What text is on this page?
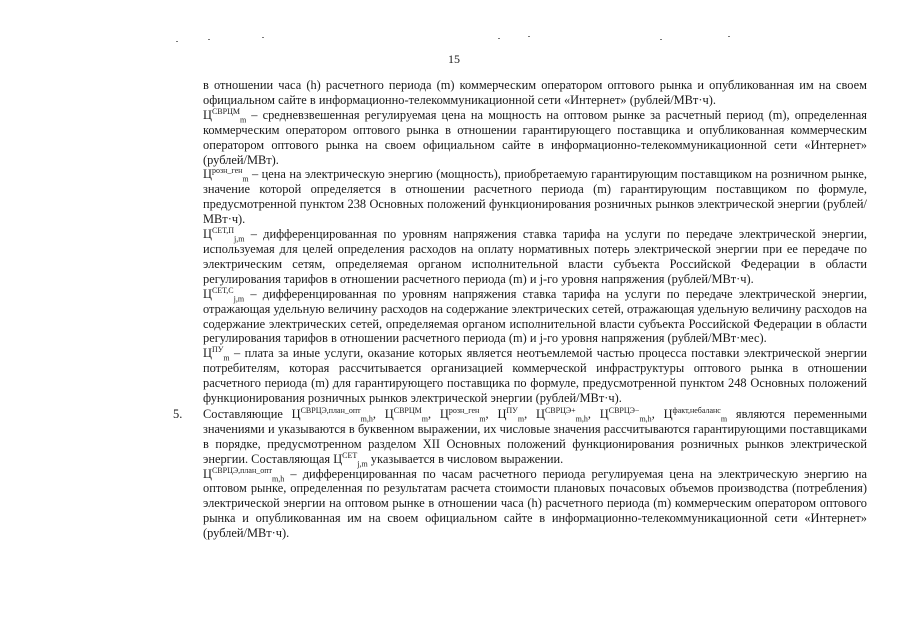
15

в отношении часа (h) расчетного периода (m) коммерческим оператором оптового рынка и опубликованная им на своем официальном сайте в информационно-телекоммуникационной сети «Интернет» (рублей/МВт·ч).

$Ц^{СВРЦМ}_m$ – средневзвешенная регулируемая цена на мощность на оптовом рынке за расчетный период (m), определенная коммерческим оператором оптового рынка в отношении гарантирующего поставщика и опубликованная коммерческим оператором оптового рынка на своем официальном сайте в информационно-телекоммуникационной сети «Интернет» (рублей/МВт).

$Ц^{розн\_ген}_m$ – цена на электрическую энергию (мощность), приобретаемую гарантирующим поставщиком на розничном рынке, значение которой определяется в отношении расчетного периода (m) гарантирующим поставщиком по формуле, предусмотренной пунктом 238 Основных положений функционирования розничных рынков электрической энергии (рублей/МВт·ч).

$Ц^{СЕТ,П}_{j,m}$ – дифференцированная по уровням напряжения ставка тарифа на услуги по передаче электрической энергии, используемая для целей определения расходов на оплату нормативных потерь электрической энергии при ее передаче по электрическим сетям, определяемая органом исполнительной власти субъекта Российской Федерации в области регулирования тарифов в отношении расчетного периода (m) и j-го уровня напряжения (рублей/МВт·ч).

$Ц^{СЕТ,С}_{j,m}$ – дифференцированная по уровням напряжения ставка тарифа на услуги по передаче электрической энергии, отражающая удельную величину расходов на содержание электрических сетей, отражающая удельную величину расходов на содержание электрических сетей, определяемая органом исполнительной власти субъекта Российской Федерации в области регулирования тарифов в отношении расчетного периода (m) и j-го уровня напряжения (рублей/МВт·мес).

$Ц^{ПУ}_m$ – плата за иные услуги, оказание которых является неотъемлемой частью процесса поставки электрической энергии потребителям, которая рассчитывается организацией коммерческой инфраструктуры оптового рынка в отношении расчетного периода (m) для гарантирующего поставщика по формуле, предусмотренной пунктом 248 Основных положений функционирования розничных рынков электрической энергии (рублей/МВт·ч).

5. Составляющие $Ц^{СВРЦЭ,план\_опт}_{m,h}$, $Ц^{СВРЦМ}_m$, $Ц^{розн\_ген}_m$, $Ц^{ПУ}_m$, $Ц^{СВРЦЭ+}_{m,h}$, $Ц^{СВРЦЭ-}_{m,h}$, $Ц^{факт,небаланс}_m$ являются переменными значениями и указываются в буквенном выражении, их числовые значения рассчитываются гарантирующими поставщиками в порядке, предусмотренном разделом XII Основных положений функционирования розничных рынков электрической энергии. Составляющая $Ц^{СЕТ}_{j,m}$ указывается в числовом выражении.

$Ц^{СВРЦЭ,план\_опт}_{m,h}$ – дифференцированная по часам расчетного периода регулируемая цена на электрическую энергию на оптовом рынке, определенная по результатам расчета стоимости плановых почасовых объемов производства (потребления) электрической энергии на оптовом рынке в отношении часа (h) расчетного периода (m) коммерческим оператором оптового рынка и опубликованная им на своем официальном сайте в информационно-телекоммуникационной сети «Интернет» (рублей/МВт·ч).
